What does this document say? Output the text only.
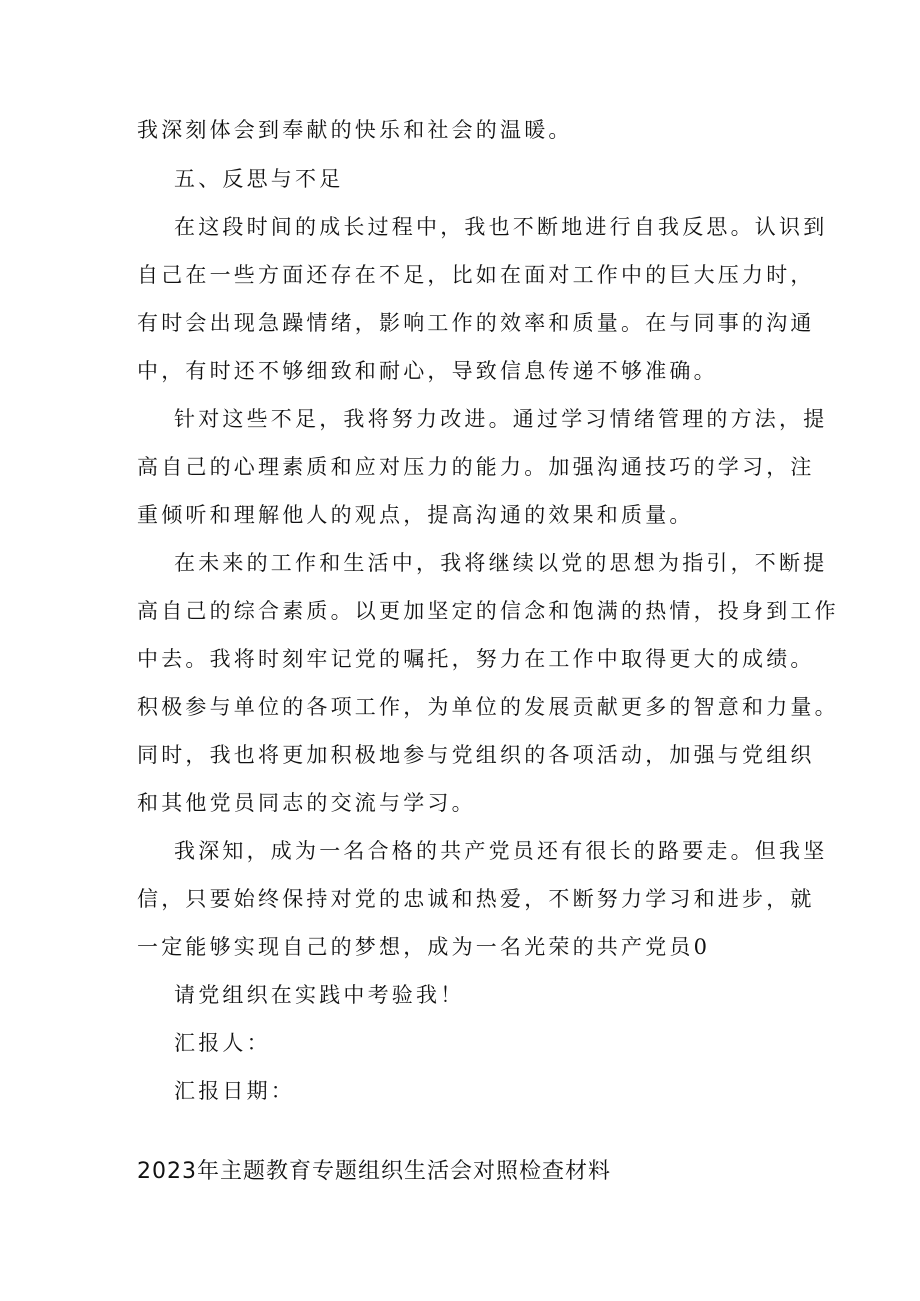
我深刻体会到奉献的快乐和社会的温暖。
五、反思与不足
在这段时间的成长过程中，我也不断地进行自我反思。认识到
自己在一些方面还存在不足，比如在面对工作中的巨大压力时，
有时会出现急躁情绪，影响工作的效率和质量。在与同事的沟通
中，有时还不够细致和耐心，导致信息传递不够准确。
针对这些不足，我将努力改进。通过学习情绪管理的方法，提
高自己的心理素质和应对压力的能力。加强沟通技巧的学习，注
重倾听和理解他人的观点，提高沟通的效果和质量。
在未来的工作和生活中，我将继续以党的思想为指引，不断提
高自己的综合素质。以更加坚定的信念和饱满的热情，投身到工作
中去。我将时刻牢记党的嘱托，努力在工作中取得更大的成绩。
积极参与单位的各项工作，为单位的发展贡献更多的智意和力量。
同时，我也将更加积极地参与党组织的各项活动，加强与党组织
和其他党员同志的交流与学习。
我深知，成为一名合格的共产党员还有很长的路要走。但我坚
信，只要始终保持对党的忠诚和热爱，不断努力学习和进步，就
一定能够实现自己的梦想，成为一名光荣的共产党员0
请党组织在实践中考验我！
汇报人：
汇报日期：
2023年主题教育专题组织生活会对照检查材料
